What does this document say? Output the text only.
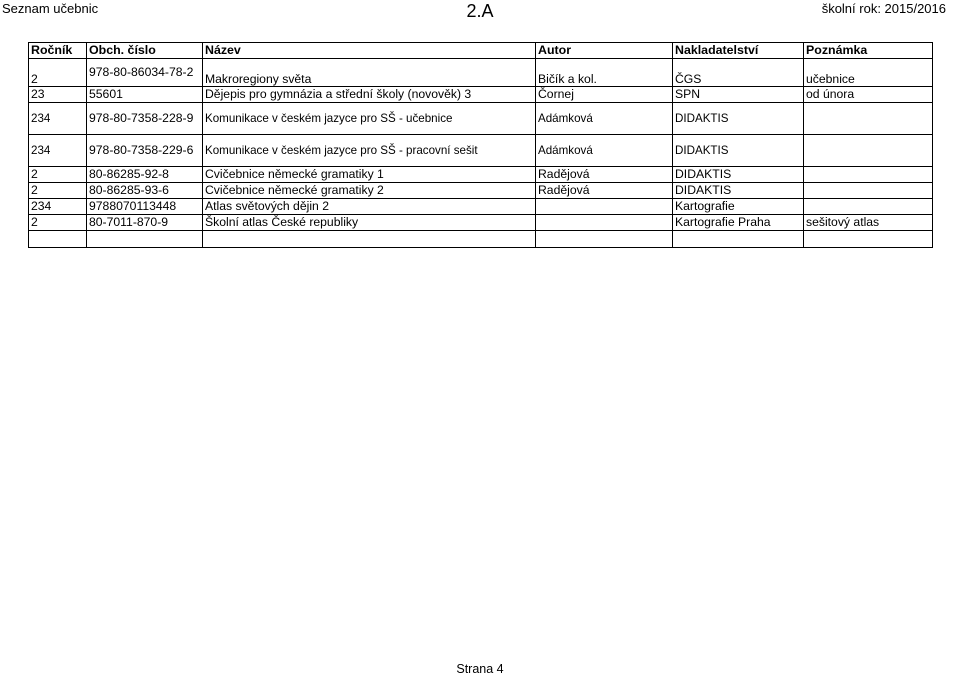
Seznam učebnic	2.A	školní rok: 2015/2016
Ročník	Obch. číslo	Název	Autor	Nakladatelství	Poznámka
2	978-80-86034-78-2	Makroregiony světa	Bičík a kol.	ČGS	učebnice
23	55601	Dějepis pro gymnázia a střední školy (novověk) 3	Čornej	SPN	od února
234	978-80-7358-228-9	Komunikace v českém jazyce pro SŠ - učebnice	Adámková	DIDAKTIS	
234	978-80-7358-229-6	Komunikace v českém jazyce pro SŠ - pracovní sešit	Adámková	DIDAKTIS	
2	80-86285-92-8	Cvičebnice německé gramatiky 1	Radějová	DIDAKTIS	
2	80-86285-93-6	Cvičebnice německé gramatiky 2	Radějová	DIDAKTIS	
234	9788070113448	Atlas světových dějin 2		Kartografie	
2	80-7011-870-9	Školní atlas České republiky		Kartografie Praha	sešitový atlas

Strana 4
